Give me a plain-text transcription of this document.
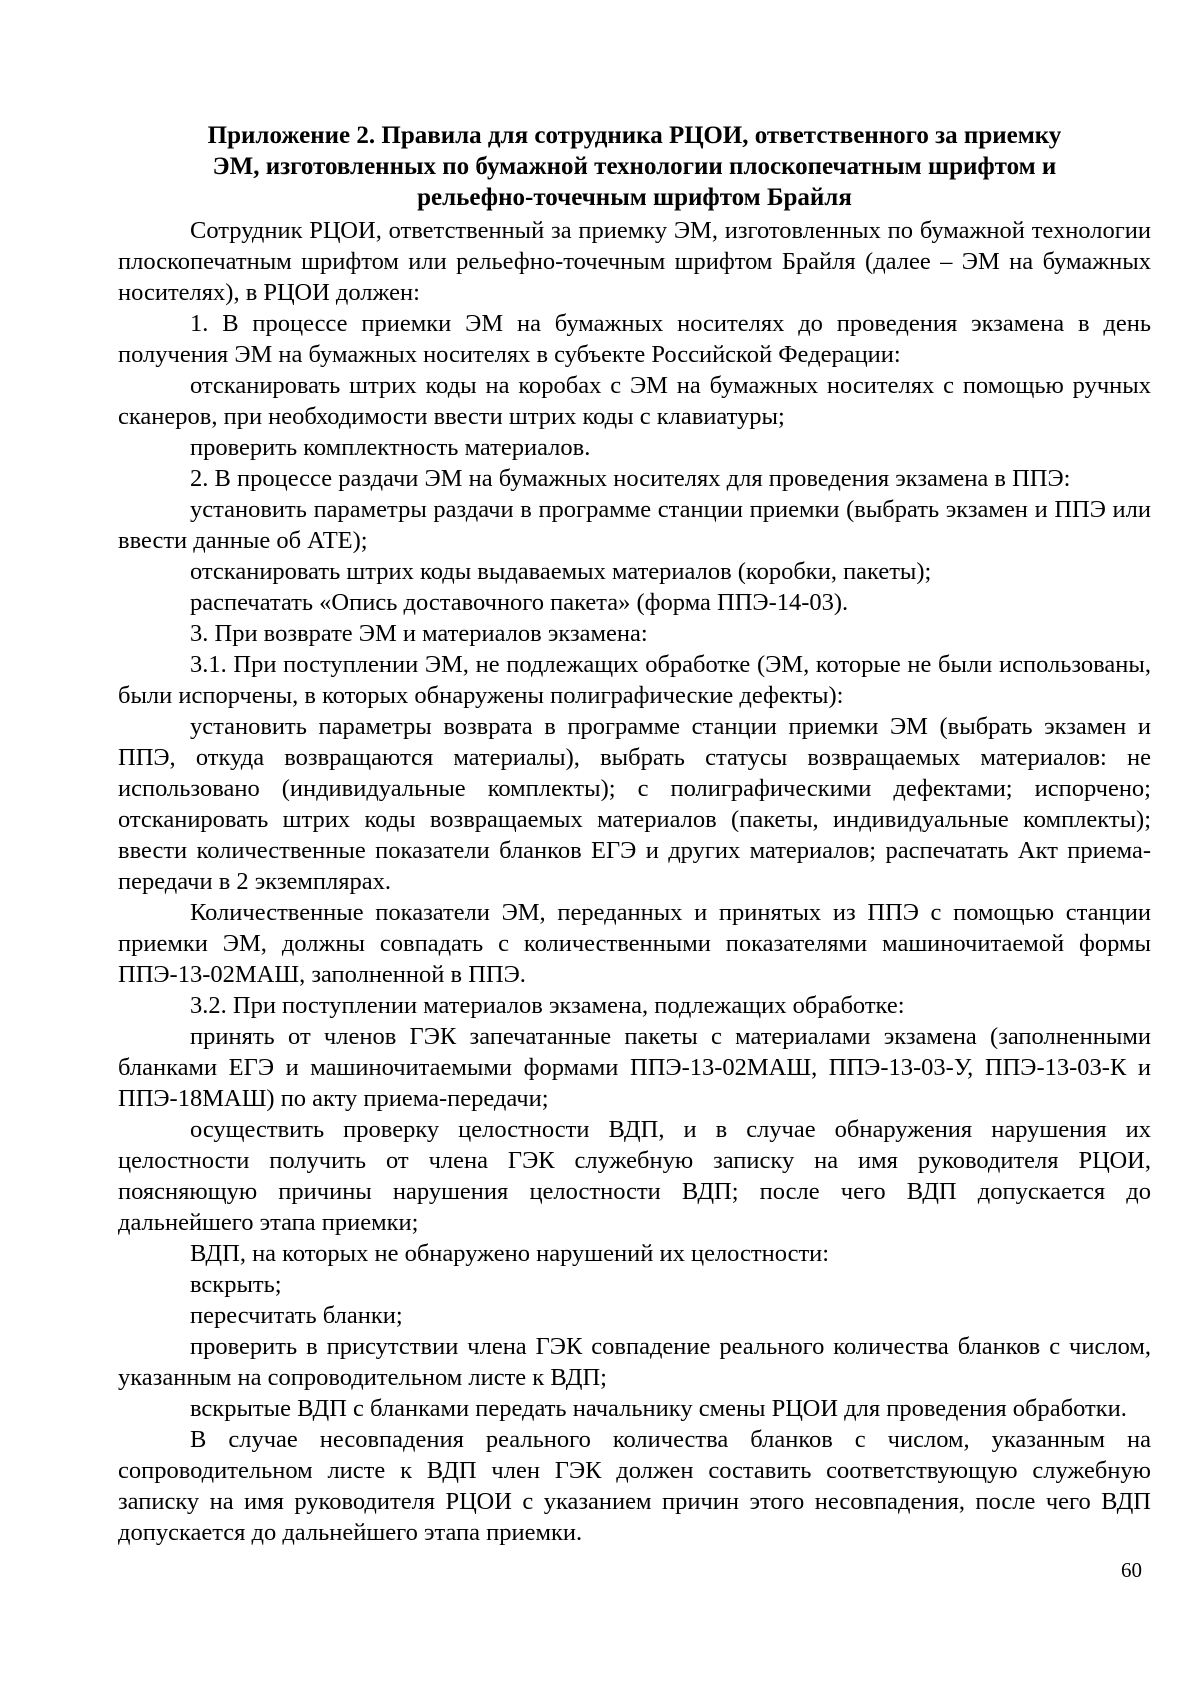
Приложение 2. Правила для сотрудника РЦОИ, ответственного за приемку
ЭМ, изготовленных по бумажной технологии плоскопечатным шрифтом и
рельефно-точечным шрифтом Брайля

Сотрудник РЦОИ, ответственный за приемку ЭМ, изготовленных по бумажной технологии плоскопечатным шрифтом или рельефно-точечным шрифтом Брайля (далее – ЭМ на бумажных носителях), в РЦОИ должен:

1. В процессе приемки ЭМ на бумажных носителях до проведения экзамена в день получения ЭМ на бумажных носителях в субъекте Российской Федерации:

отсканировать штрих коды на коробах с ЭМ на бумажных носителях с помощью ручных сканеров, при необходимости ввести штрих коды с клавиатуры;

проверить комплектность материалов.

2. В процессе раздачи ЭМ на бумажных носителях для проведения экзамена в ППЭ:

установить параметры раздачи в программе станции приемки (выбрать экзамен и ППЭ или ввести данные об АТЕ);

отсканировать штрих коды выдаваемых материалов (коробки, пакеты);

распечатать «Опись доставочного пакета» (форма ППЭ-14-03).

3. При возврате ЭМ и материалов экзамена:

3.1. При поступлении ЭМ, не подлежащих обработке (ЭМ, которые не были использованы, были испорчены, в которых обнаружены полиграфические дефекты):

установить параметры возврата в программе станции приемки ЭМ (выбрать экзамен и ППЭ, откуда возвращаются материалы), выбрать статусы возвращаемых материалов: не использовано (индивидуальные комплекты); с полиграфическими дефектами; испорчено; отсканировать штрих коды возвращаемых материалов (пакеты, индивидуальные комплекты); ввести количественные показатели бланков ЕГЭ и других материалов; распечатать Акт приема-передачи в 2 экземплярах.

Количественные показатели ЭМ, переданных и принятых из ППЭ с помощью станции приемки ЭМ, должны совпадать с количественными показателями машиночитаемой формы ППЭ-13-02МАШ, заполненной в ППЭ.

3.2. При поступлении материалов экзамена, подлежащих обработке:

принять от членов ГЭК запечатанные пакеты с материалами экзамена (заполненными бланками ЕГЭ и машиночитаемыми формами ППЭ-13-02МАШ, ППЭ-13-03-У, ППЭ-13-03-К и ППЭ-18МАШ) по акту приема-передачи;

осуществить проверку целостности ВДП, и в случае обнаружения нарушения их целостности получить от члена ГЭК служебную записку на имя руководителя РЦОИ, поясняющую причины нарушения целостности ВДП; после чего ВДП допускается до дальнейшего этапа приемки;

ВДП, на которых не обнаружено нарушений их целостности:

вскрыть;

пересчитать бланки;

проверить в присутствии члена ГЭК совпадение реального количества бланков с числом, указанным на сопроводительном листе к ВДП;

вскрытые ВДП с бланками передать начальнику смены РЦОИ для проведения обработки.

В случае несовпадения реального количества бланков с числом, указанным на сопроводительном листе к ВДП член ГЭК должен составить соответствующую служебную записку на имя руководителя РЦОИ с указанием причин этого несовпадения, после чего ВДП допускается до дальнейшего этапа приемки.

60
